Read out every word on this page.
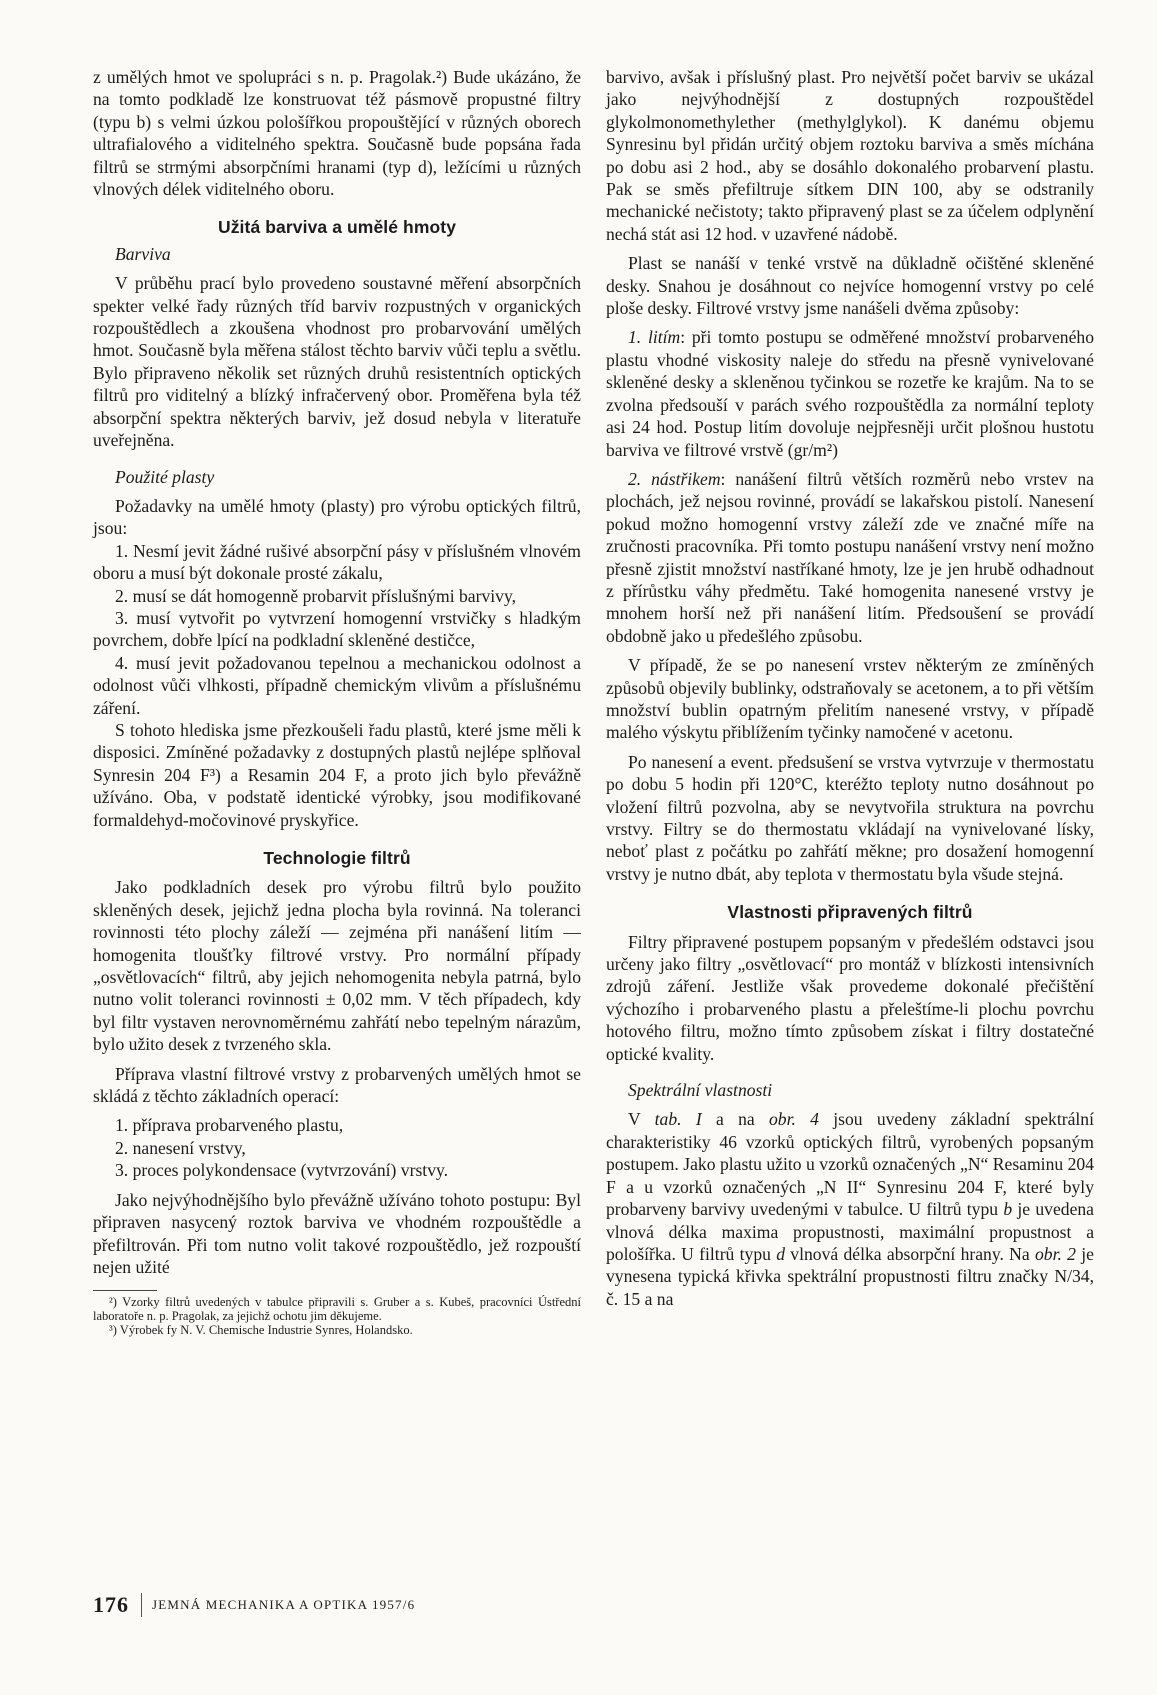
z umělých hmot ve spolupráci s n. p. Pragolak.²) Bude ukázáno, že na tomto podkladě lze konstruovat též pásmově propustné filtry (typu b) s velmi úzkou pološířkou propouštějící v různých oborech ultrafialového a viditelného spektra. Současně bude popsána řada filtrů se strmými absorpčními hranami (typ d), ležícími u různých vlnových délek viditelného oboru.

Užitá barviva a umělé hmoty

Barviva

V průběhu prací bylo provedeno soustavné měření absorpčních spekter velké řady různých tříd barviv rozpustných v organických rozpouštědlech a zkoušena vhodnost pro probarvování umělých hmot. Současně byla měřena stálost těchto barviv vůči teplu a světlu. Bylo připraveno několik set různých druhů resistentních optických filtrů pro viditelný a blízký infračervený obor. Proměřena byla též absorpční spektra některých barviv, jež dosud nebyla v literatuře uveřejněna.

Použité plasty

Požadavky na umělé hmoty (plasty) pro výrobu optických filtrů, jsou:

1. Nesmí jevit žádné rušivé absorpční pásy v příslušném vlnovém oboru a musí být dokonale prosté zákalu,

2. musí se dát homogenně probarvit příslušnými barvivy,

3. musí vytvořit po vytvrzení homogenní vrstvičky s hladkým povrchem, dobře lpící na podkladní skleněné destičce,

4. musí jevit požadovanou tepelnou a mechanickou odolnost a odolnost vůči vlhkosti, případně chemickým vlivům a příslušnému záření.

S tohoto hlediska jsme přezkoušeli řadu plastů, které jsme měli k disposici. Zmíněné požadavky z dostupných plastů nejlépe splňoval Synresin 204 F³) a Resamin 204 F, a proto jich bylo převážně užíváno. Oba, v podstatě identické výrobky, jsou modifikované formaldehyd-močovinové pryskyřice.

Technologie filtrů

Jako podkladních desek pro výrobu filtrů bylo použito skleněných desek, jejichž jedna plocha byla rovinná. Na toleranci rovinnosti této plochy záleží — zejména při nanášení litím — homogenita tloušťky filtrové vrstvy. Pro normální případy „osvětlovacích“ filtrů, aby jejich nehomogenita nebyla patrná, bylo nutno volit toleranci rovinnosti ± 0,02 mm. V těch případech, kdy byl filtr vystaven nerovnoměrnému zahřátí nebo tepelným nárazům, bylo užito desek z tvrzeného skla.

Příprava vlastní filtrové vrstvy z probarvených umělých hmot se skládá z těchto základních operací:

1. příprava probarveného plastu,

2. nanesení vrstvy,

3. proces polykondensace (vytvrzování) vrstvy.

Jako nejvýhodnějšího bylo převážně užíváno tohoto postupu: Byl připraven nasycený roztok barviva ve vhodném rozpouštědle a přefiltrován. Při tom nutno volit takové rozpouštědlo, jež rozpouští nejen užité

²) Vzorky filtrů uvedených v tabulce připravili s. Gruber a s. Kubeš, pracovníci Ústřední laboratoře n. p. Pragolak, za jejichž ochotu jim děkujeme.

³) Výrobek fy N. V. Chemische Industrie Synres, Holandsko.

barvivo, avšak i příslušný plast. Pro největší počet barviv se ukázal jako nejvýhodnější z dostupných rozpouštědel glykolmonomethylether (methylglykol). K danému objemu Synresinu byl přidán určitý objem roztoku barviva a směs míchána po dobu asi 2 hod., aby se dosáhlo dokonalého probarvení plastu. Pak se směs přefiltruje sítkem DIN 100, aby se odstranily mechanické nečistoty; takto připravený plast se za účelem odplynění nechá stát asi 12 hod. v uzavřené nádobě.

Plast se nanáší v tenké vrstvě na důkladně očištěné skleněné desky. Snahou je dosáhnout co nejvíce homogenní vrstvy po celé ploše desky. Filtrové vrstvy jsme nanášeli dvěma způsoby:

1. litím: při tomto postupu se odměřené množství probarveného plastu vhodné viskosity naleje do středu na přesně vynivelované skleněné desky a skleněnou tyčinkou se rozetře ke krajům. Na to se zvolna předsouší v parách svého rozpouštědla za normální teploty asi 24 hod. Postup litím dovoluje nejpřesněji určit plošnou hustotu barviva ve filtrové vrstvě (gr/m²)

2. nástřikem: nanášení filtrů větších rozměrů nebo vrstev na plochách, jež nejsou rovinné, provádí se lakařskou pistolí. Nanesení pokud možno homogenní vrstvy záleží zde ve značné míře na zručnosti pracovníka. Při tomto postupu nanášení vrstvy není možno přesně zjistit množství nastříkané hmoty, lze je jen hrubě odhadnout z přírůstku váhy předmětu. Také homogenita nanesené vrstvy je mnohem horší než při nanášení litím. Předsoušení se provádí obdobně jako u předešlého způsobu.

V případě, že se po nanesení vrstev některým ze zmíněných způsobů objevily bublinky, odstraňovaly se acetonem, a to při větším množství bublin opatrným přelitím nanesené vrstvy, v případě malého výskytu přiblížením tyčinky namočené v acetonu.

Po nanesení a event. předsušení se vrstva vytvrzuje v thermostatu po dobu 5 hodin při 120°C, kteréžto teploty nutno dosáhnout po vložení filtrů pozvolna, aby se nevytvořila struktura na povrchu vrstvy. Filtry se do thermostatu vkládají na vynivelované lísky, neboť plast z počátku po zahřátí měkne; pro dosažení homogenní vrstvy je nutno dbát, aby teplota v thermostatu byla všude stejná.

Vlastnosti připravených filtrů

Filtry připravené postupem popsaným v předešlém odstavci jsou určeny jako filtry „osvětlovací“ pro montáž v blízkosti intensivních zdrojů záření. Jestliže však provedeme dokonalé přečištění výchozího i probarveného plastu a přeleštíme-li plochu povrchu hotového filtru, možno tímto způsobem získat i filtry dostatečné optické kvality.

Spektrální vlastnosti

V tab. I a na obr. 4 jsou uvedeny základní spektrální charakteristiky 46 vzorků optických filtrů, vyrobených popsaným postupem. Jako plastu užito u vzorků označených „N“ Resaminu 204 F a u vzorků označených „N II“ Synresinu 204 F, které byly probarveny barvivy uvedenými v tabulce. U filtrů typu b je uvedena vlnová délka maxima propustnosti, maximální propustnost a pološířka. U filtrů typu d vlnová délka absorpční hrany. Na obr. 2 je vynesena typická křivka spektrální propustnosti filtru značky N/34, č. 15 a na

176 JEMNÁ MECHANIKA A OPTIKA 1957/6
